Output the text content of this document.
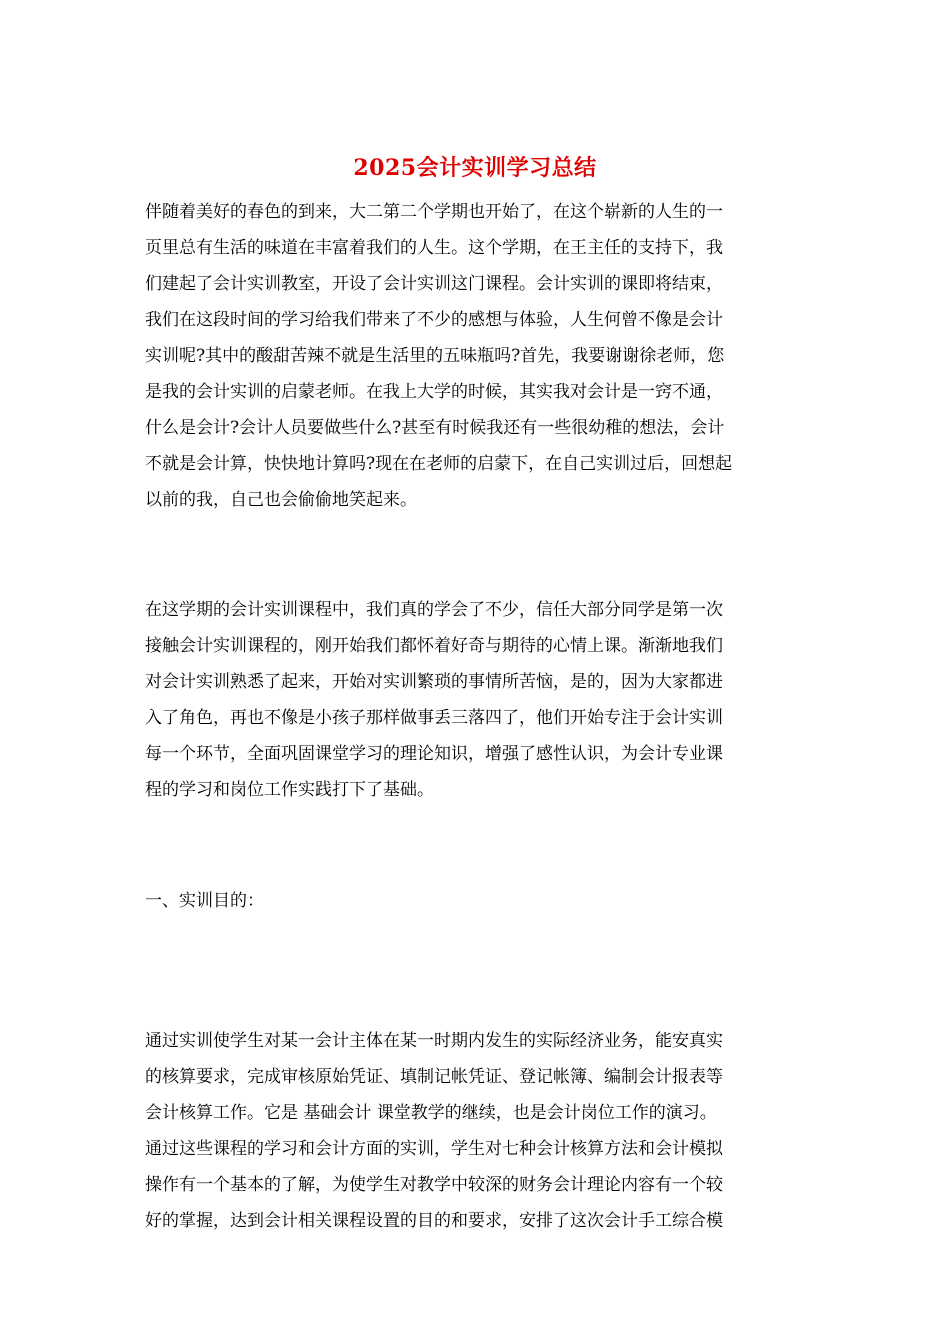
2025会计实训学习总结
伴随着美好的春色的到来，大二第二个学期也开始了，在这个崭新的人生的一
页里总有生活的味道在丰富着我们的人生。这个学期，在王主任的支持下，我
们建起了会计实训教室，开设了会计实训这门课程。会计实训的课即将结束，
我们在这段时间的学习给我们带来了不少的感想与体验，人生何曾不像是会计
实训呢?其中的酸甜苦辣不就是生活里的五味瓶吗?首先，我要谢谢徐老师，您
是我的会计实训的启蒙老师。在我上大学的时候，其实我对会计是一窍不通，
什么是会计?会计人员要做些什么?甚至有时候我还有一些很幼稚的想法，会计
不就是会计算，快快地计算吗?现在在老师的启蒙下，在自己实训过后，回想起
以前的我，自己也会偷偷地笑起来。
在这学期的会计实训课程中，我们真的学会了不少，信任大部分同学是第一次
接触会计实训课程的，刚开始我们都怀着好奇与期待的心情上课。渐渐地我们
对会计实训熟悉了起来，开始对实训繁琐的事情所苦恼，是的，因为大家都进
入了角色，再也不像是小孩子那样做事丢三落四了，他们开始专注于会计实训
每一个环节，全面巩固课堂学习的理论知识，增强了感性认识，为会计专业课
程的学习和岗位工作实践打下了基础。
一、实训目的：
通过实训使学生对某一会计主体在某一时期内发生的实际经济业务，能安真实
的核算要求，完成审核原始凭证、填制记帐凭证、登记帐簿、编制会计报表等
会计核算工作。它是 基础会计 课堂教学的继续，也是会计岗位工作的演习。
通过这些课程的学习和会计方面的实训，学生对七种会计核算方法和会计模拟
操作有一个基本的了解，为使学生对教学中较深的财务会计理论内容有一个较
好的掌握，达到会计相关课程设置的目的和要求，安排了这次会计手工综合模
